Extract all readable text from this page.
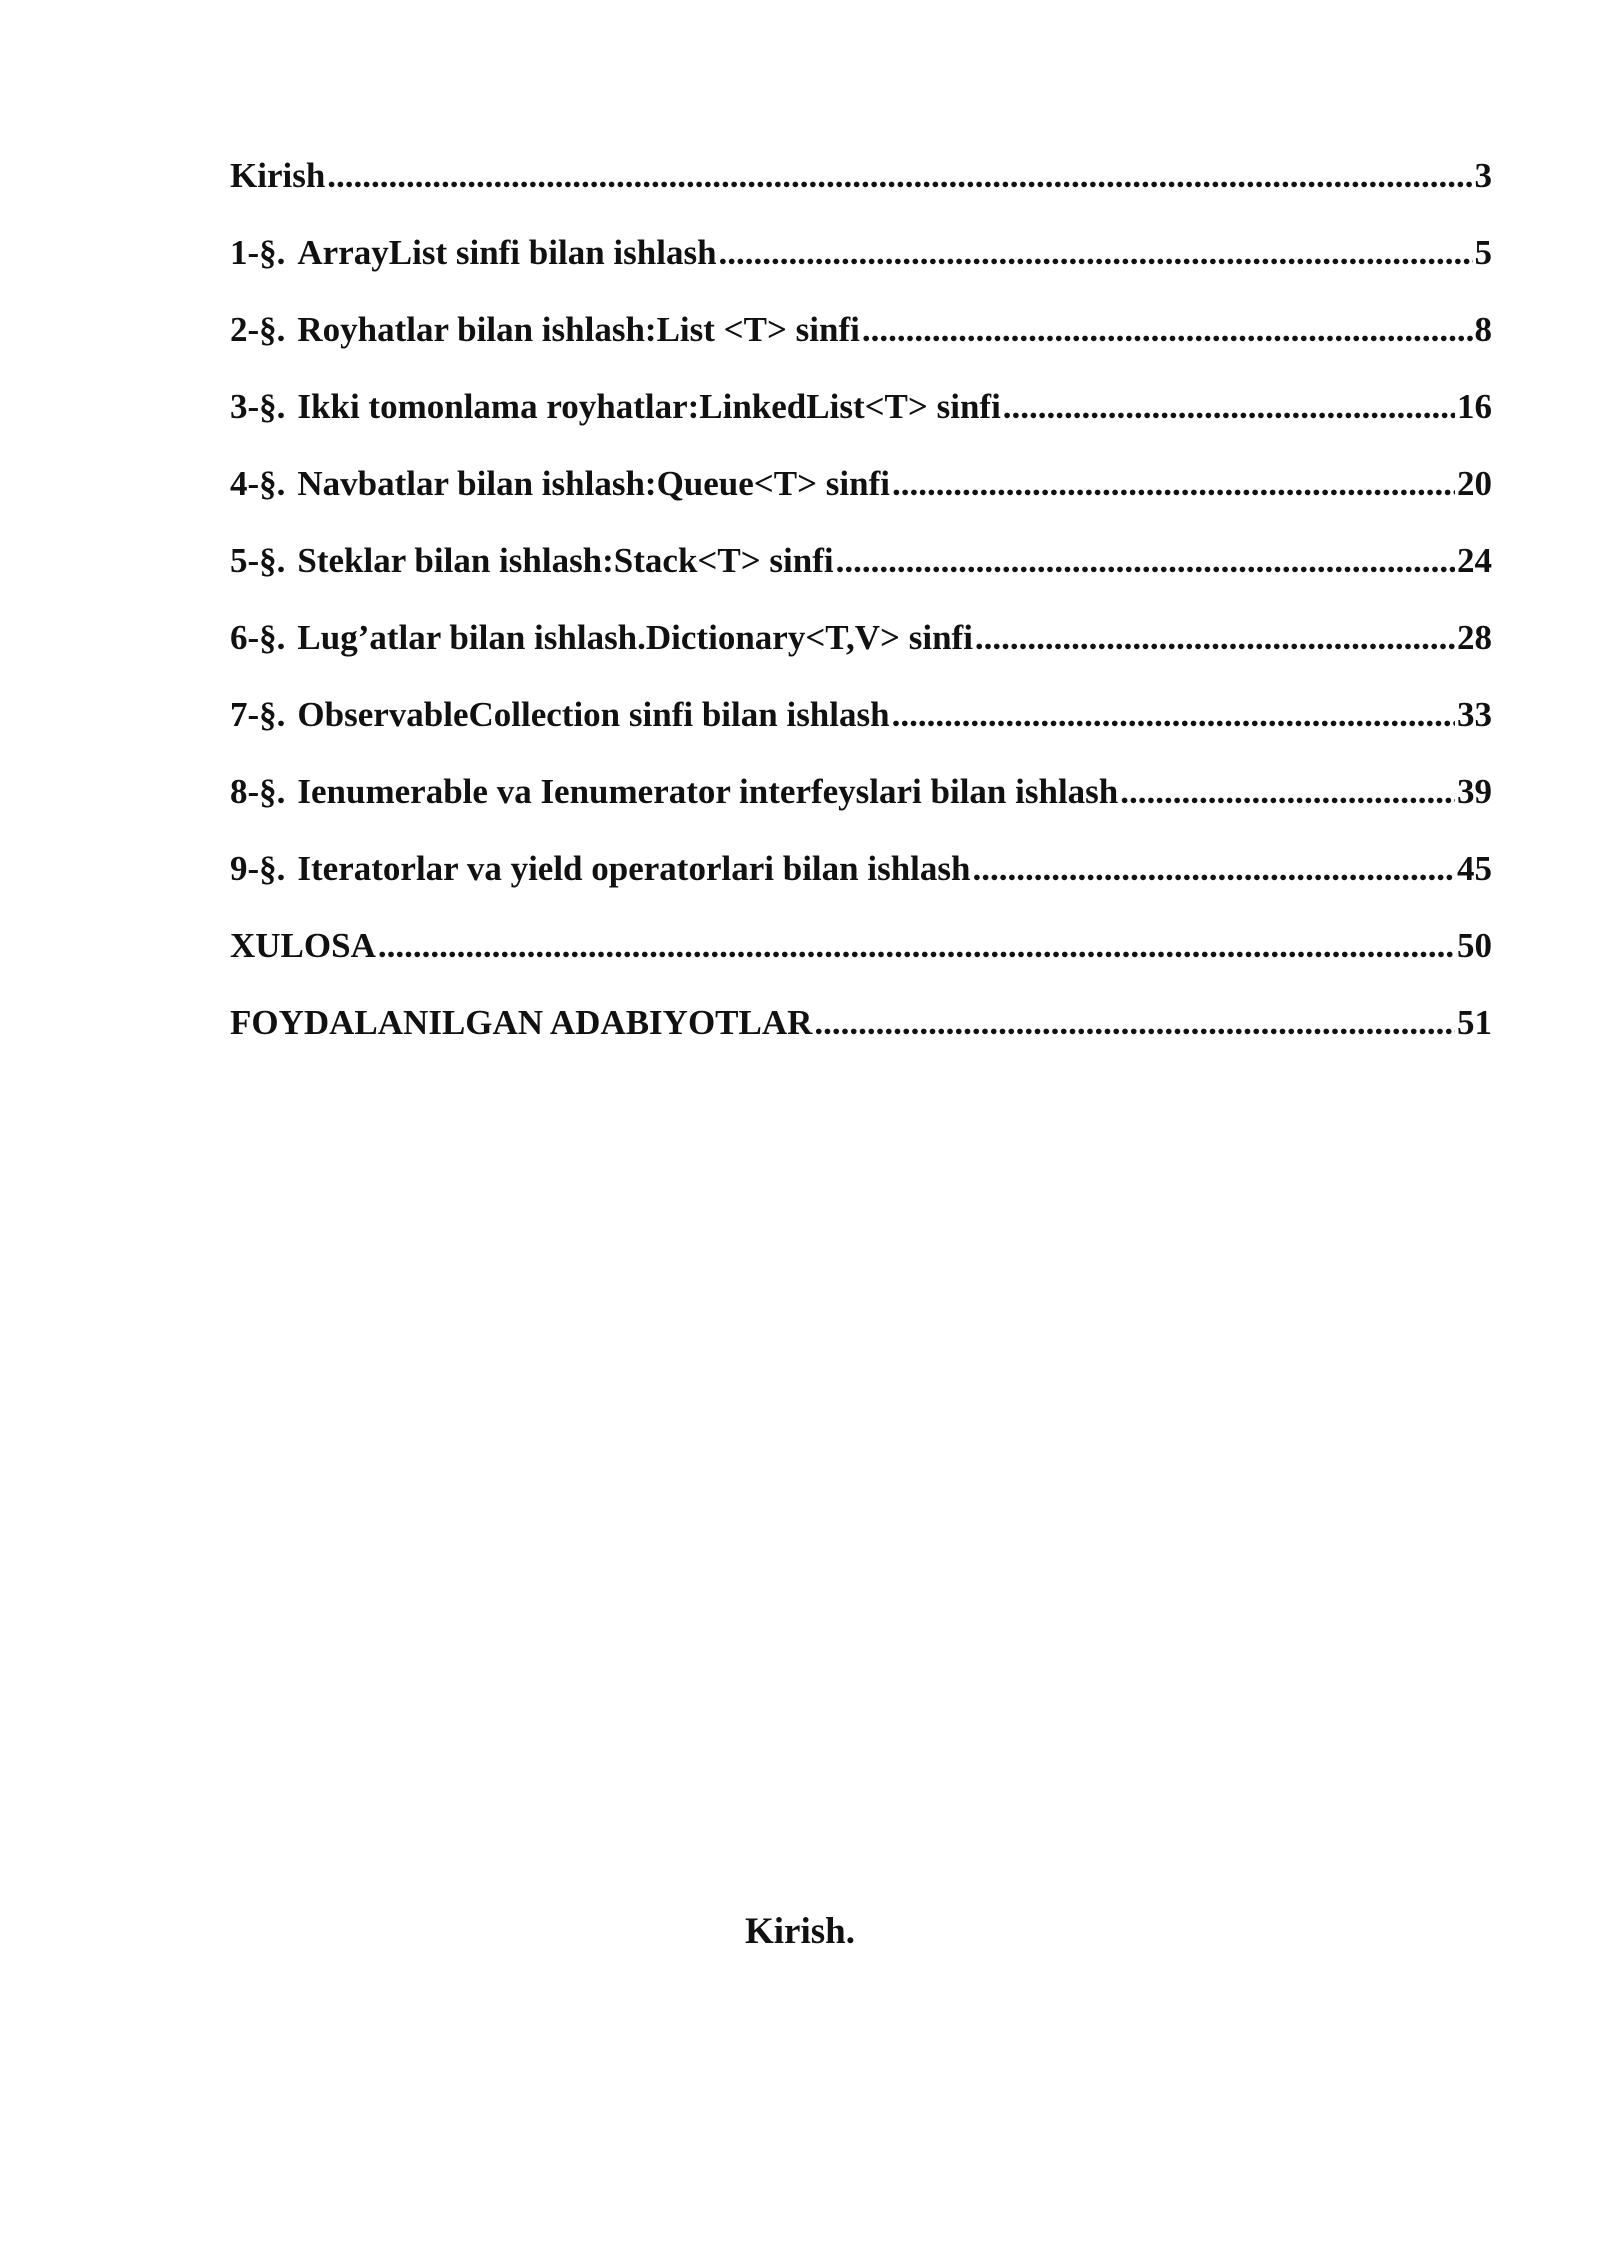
Kirish .....	3
1-§. ArrayList sinfi bilan ishlash .....	5
2-§. Royhatlar bilan ishlash:List <T> sinfi .....	8
3-§. Ikki tomonlama royhatlar:LinkedList<T> sinfi .....	16
4-§. Navbatlar bilan ishlash:Queue<T> sinfi .....	20
5-§. Steklar bilan ishlash:Stack<T> sinfi .....	24
6-§. Lug’atlar bilan ishlash.Dictionary<T,V> sinfi .....	28
7-§. ObservableCollection sinfi bilan ishlash .....	33
8-§. Ienumerable va Ienumerator interfeyslari bilan ishlash .....	39
9-§. Iteratorlar va yield operatorlari bilan ishlash .....	45
XULOSA .....	50
FOYDALANILGAN ADABIYOTLAR .....	51
Kirish.
